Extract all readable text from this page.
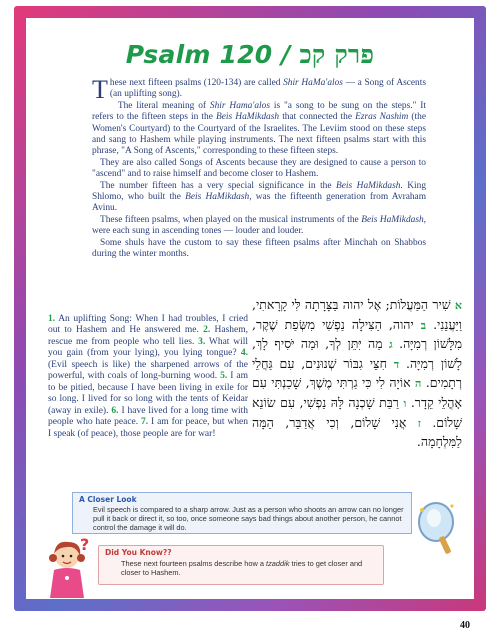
Psalm 120 / פרק קכ

These next fifteen psalms (120-134) are called Shir HaMa'alos — a Song of Ascents (an uplifting song).

The literal meaning of Shir Hama'alos is "a song to be sung on the steps." It refers to the fifteen steps in the Beis HaMikdash that connected the Ezras Nashim (the Women's Courtyard) to the Courtyard of the Israelites. The Leviim stood on these steps and sang to Hashem while playing instruments. The next fifteen psalms start with this phrase, "A Song of Ascents," corresponding to these fifteen steps.

They are also called Songs of Ascents because they are designed to cause a person to "ascend" and to raise himself and become closer to Hashem.

The number fifteen has a very special significance in the Beis HaMikdash. King Shlomo, who built the Beis HaMikdash, was the fifteenth generation from Avraham Avinu.

These fifteen psalms, when played on the musical instruments of the Beis HaMikdash, were each sung in ascending tones — louder and louder.

Some shuls have the custom to say these fifteen psalms after Minchah on Shabbos during the winter months.

1. An uplifting Song: When I had troubles, I cried out to Hashem and He answered me. 2. Hashem, rescue me from people who tell lies. 3. What will you gain (from your lying), you lying tongue? 4. (Evil speech is like) the sharpened arrows of the powerful, with coals of long-burning wood. 5. I am to be pitied, because I have been living in exile for so long. I lived for so long with the tents of Keidar (away in exile). 6. I have lived for a long time with people who hate peace. 7. I am for peace, but when I speak (of peace), those people are for war!
א שִׁיר הַמַּעֲלוֹת; אֶל יהוה בַּצָּרָתָה לִּי קָרָאתִי, וַיַּעֲנֵנִי. ב יהוה, הַצִּילָה נַפְשִׁי מִשְּׂפַת שֶׁקֶר, מִלָּשׁוֹן רְמִיָּה. ג מַה יִּתֵּן לְךָ, וּמַה יֹּסִיף לָךְ, לָשׁוֹן רְמִיָּה. ד חִצֵּי גִבּוֹר שְׁנוּנִים, עִם גַּחֲלֵי רְתָמִים. ה אוֹיָה לִי כִּי גַרְתִּי מֶשֶׁךְ, שָׁכַנְתִּי עִם אָהֳלֵי קֵדָר. ו רַבַּת שָׁכְנָה לָּהּ נַפְשִׁי, עִם שׂוֹנֵא שָׁלוֹם. ז אֲנִי שָׁלוֹם, וְכִי אֲדַבֵּר, הֵמָּה לַמִּלְחָמָה.
A Closer Look
Evil speech is compared to a sharp arrow. Just as a person who shoots an arrow can no longer pull it back or direct it, so too, once someone says bad things about another person, he cannot control the damage it will do.
? Did You Know??
These next fourteen psalms describe how a tzaddik tries to get closer and closer to Hashem.
40
